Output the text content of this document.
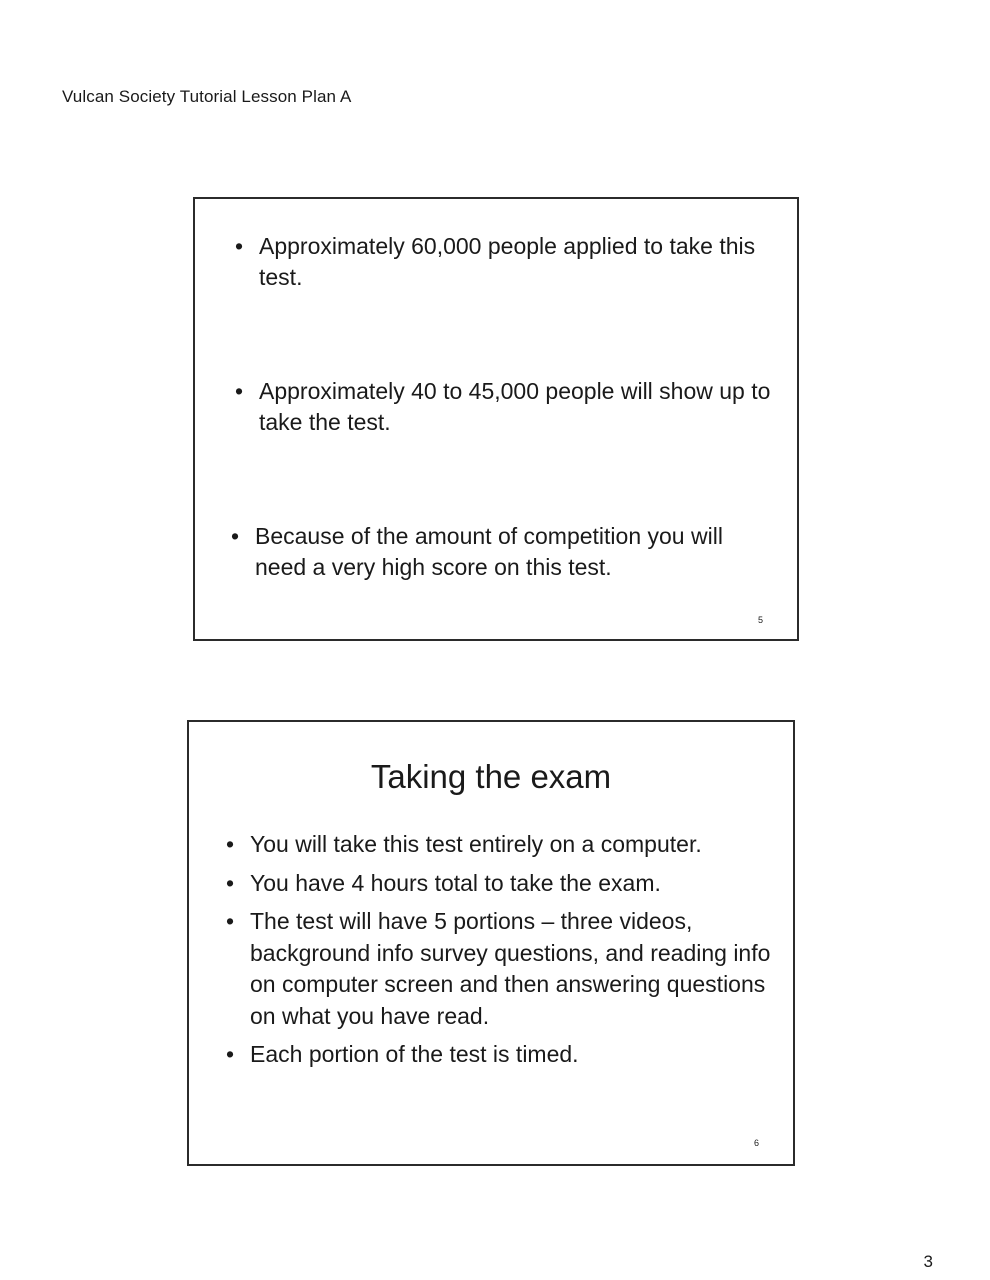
Vulcan Society Tutorial Lesson Plan A
• Approximately 60,000 people applied to take this test.
• Approximately 40 to 45,000 people will show up to take the test.
• Because of the amount of competition you will need a very high score on this test.
5
Taking the exam
• You will take this test entirely on a computer.
• You have 4 hours total to take the exam.
• The test will have 5 portions – three videos, background info survey questions, and reading info on computer screen and then answering questions on what you have read.
• Each portion of the test is timed.
6
3
